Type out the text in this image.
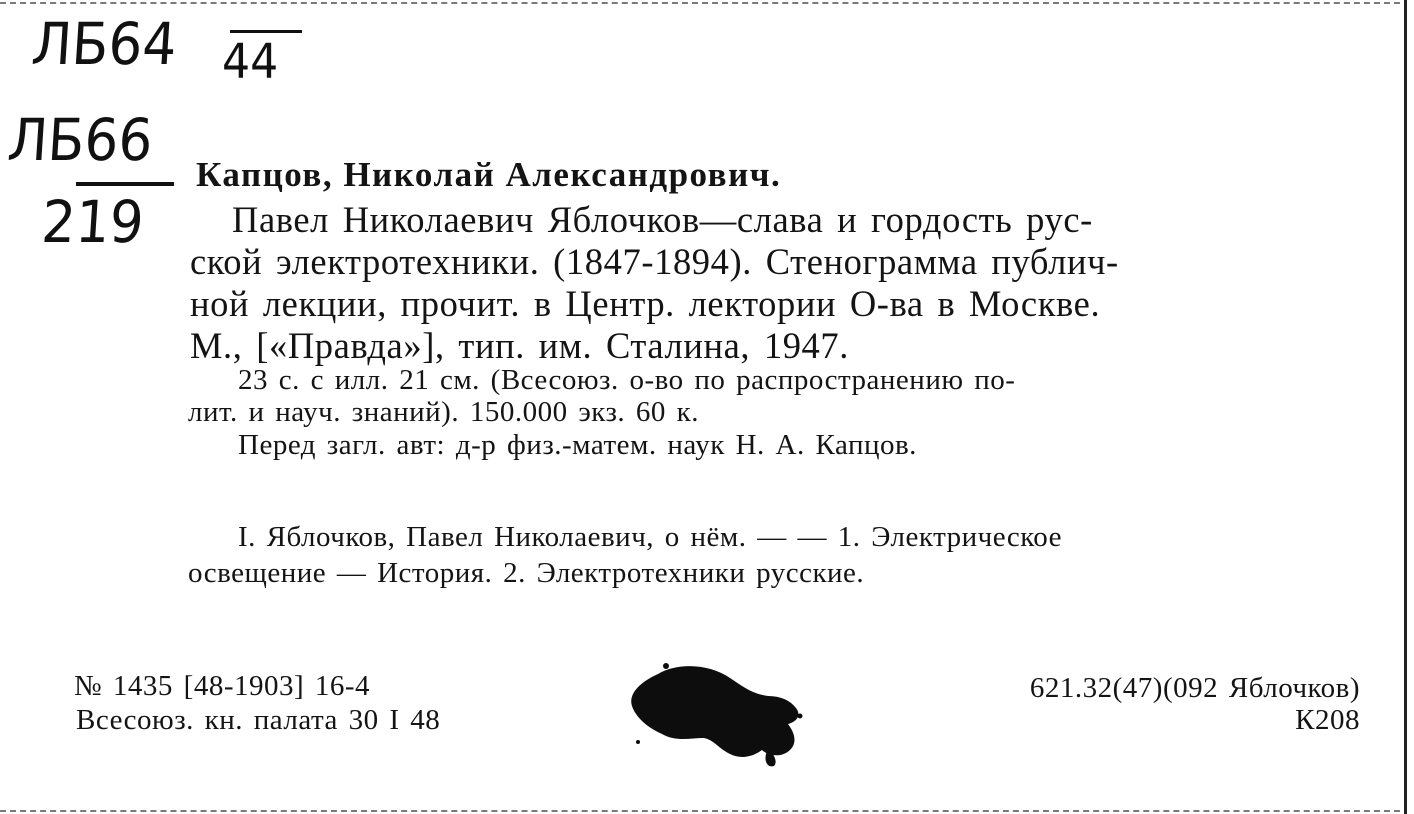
ЛБ64 44
ЛБ66
219
Капцов, Николай Александрович.
Павел Николаевич Яблочков—слава и гордость рус-
ской электротехники. (1847-1894). Стенограмма публич-
ной лекции, прочит. в Центр. лектории О-ва в Москве.
М., [«Правда»], тип. им. Сталина, 1947.
23 с. с илл. 21 см. (Всесоюз. о-во по распространению по-
лит. и науч. знаний). 150.000 экз. 60 к.
Перед загл. авт: д-р физ.-матем. наук Н. А. Капцов.
I. Яблочков, Павел Николаевич, о нём. — — 1. Электрическое
освещение — История. 2. Электротехники русские.
№ 1435 [48-1903] 16-4
Всесоюз. кн. палата 30 I 48
621.32(47)(092 Яблочков)
К208
